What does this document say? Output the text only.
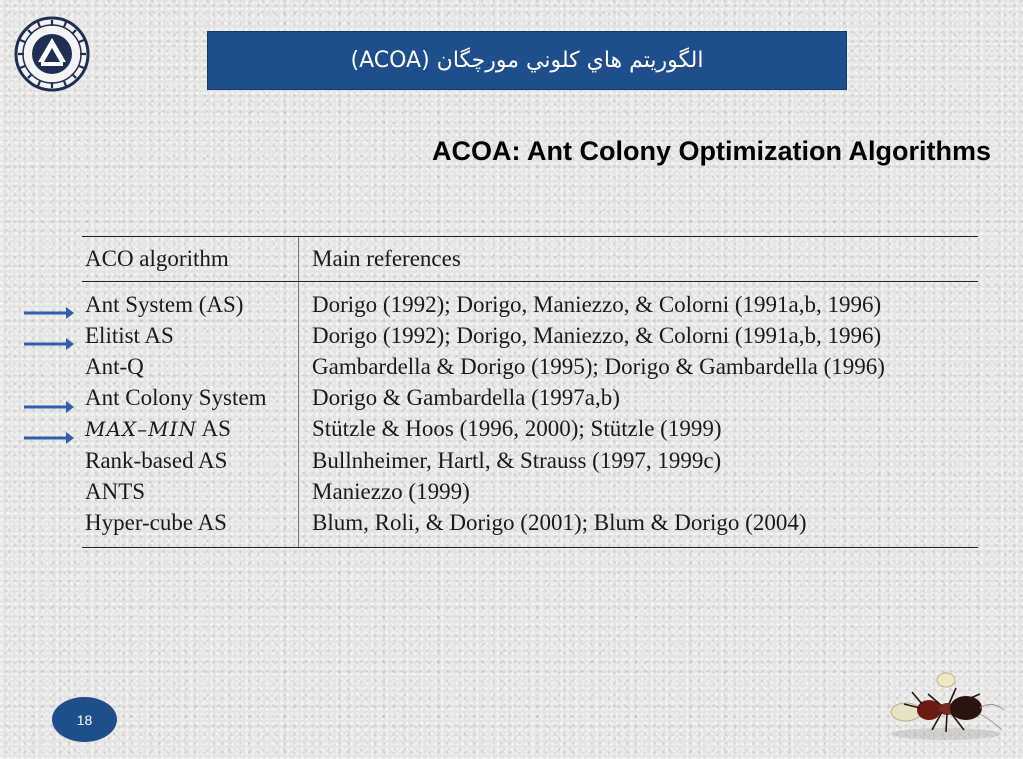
الگوريتم هاي کلوني مورچگان (ACOA)
ACOA: Ant Colony Optimization Algorithms
ACO algorithm	Main references
Ant System (AS)	Dorigo (1992); Dorigo, Maniezzo, & Colorni (1991a,b, 1996)
Elitist AS	Dorigo (1992); Dorigo, Maniezzo, & Colorni (1991a,b, 1996)
Ant-Q	Gambardella & Dorigo (1995); Dorigo & Gambardella (1996)
Ant Colony System	Dorigo & Gambardella (1997a,b)
MAX–MIN AS	Stützle & Hoos (1996, 2000); Stützle (1999)
Rank-based AS	Bullnheimer, Hartl, & Strauss (1997, 1999c)
ANTS	Maniezzo (1999)
Hyper-cube AS	Blum, Roli, & Dorigo (2001); Blum & Dorigo (2004)
18
